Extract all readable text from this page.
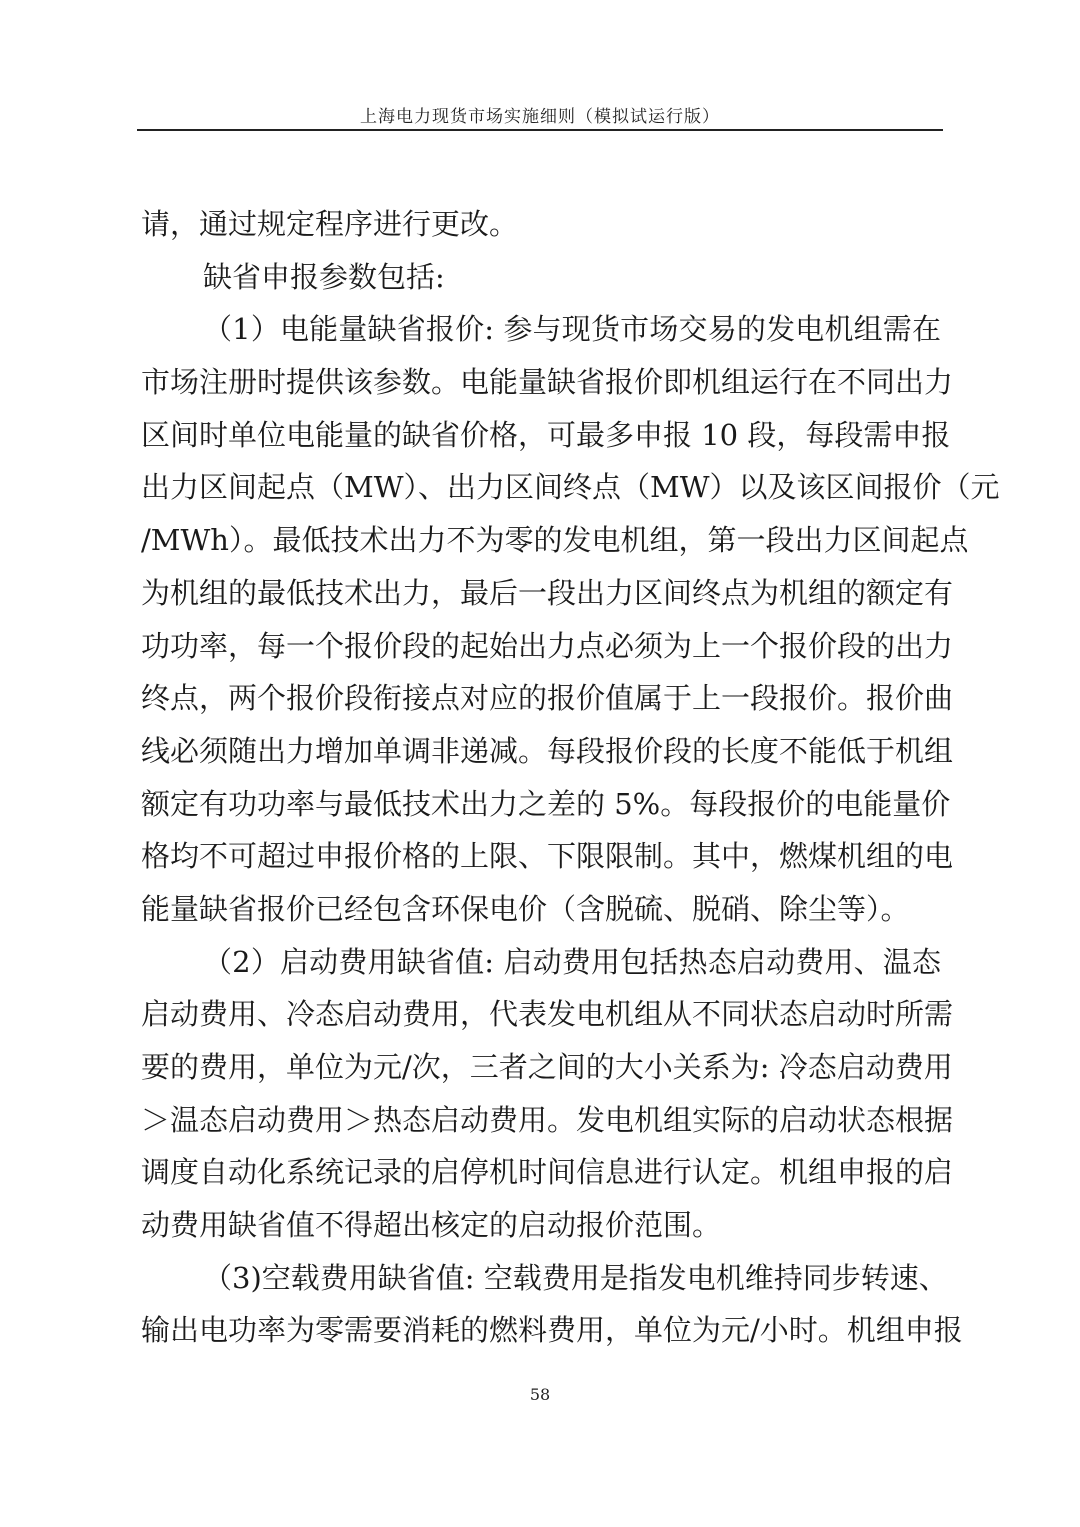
上海电力现货市场实施细则（模拟试运行版）
请，通过规定程序进行更改。
缺省申报参数包括:
（1）电能量缺省报价: 参与现货市场交易的发电机组需在
市场注册时提供该参数。电能量缺省报价即机组运行在不同出力
区间时单位电能量的缺省价格，可最多申报 10 段，每段需申报
出力区间起点（MW）、出力区间终点（MW）以及该区间报价（元
/MWh）。最低技术出力不为零的发电机组，第一段出力区间起点
为机组的最低技术出力，最后一段出力区间终点为机组的额定有
功功率，每一个报价段的起始出力点必须为上一个报价段的出力
终点，两个报价段衔接点对应的报价值属于上一段报价。报价曲
线必须随出力增加单调非递减。每段报价段的长度不能低于机组
额定有功功率与最低技术出力之差的 5%。每段报价的电能量价
格均不可超过申报价格的上限、下限限制。其中，燃煤机组的电
能量缺省报价已经包含环保电价（含脱硫、脱硝、除尘等）。
（2）启动费用缺省值: 启动费用包括热态启动费用、温态
启动费用、冷态启动费用，代表发电机组从不同状态启动时所需
要的费用，单位为元/次，三者之间的大小关系为: 冷态启动费用
＞温态启动费用＞热态启动费用。发电机组实际的启动状态根据
调度自动化系统记录的启停机时间信息进行认定。机组申报的启
动费用缺省值不得超出核定的启动报价范围。
（3)空载费用缺省值: 空载费用是指发电机维持同步转速、
输出电功率为零需要消耗的燃料费用，单位为元/小时。机组申报
58
